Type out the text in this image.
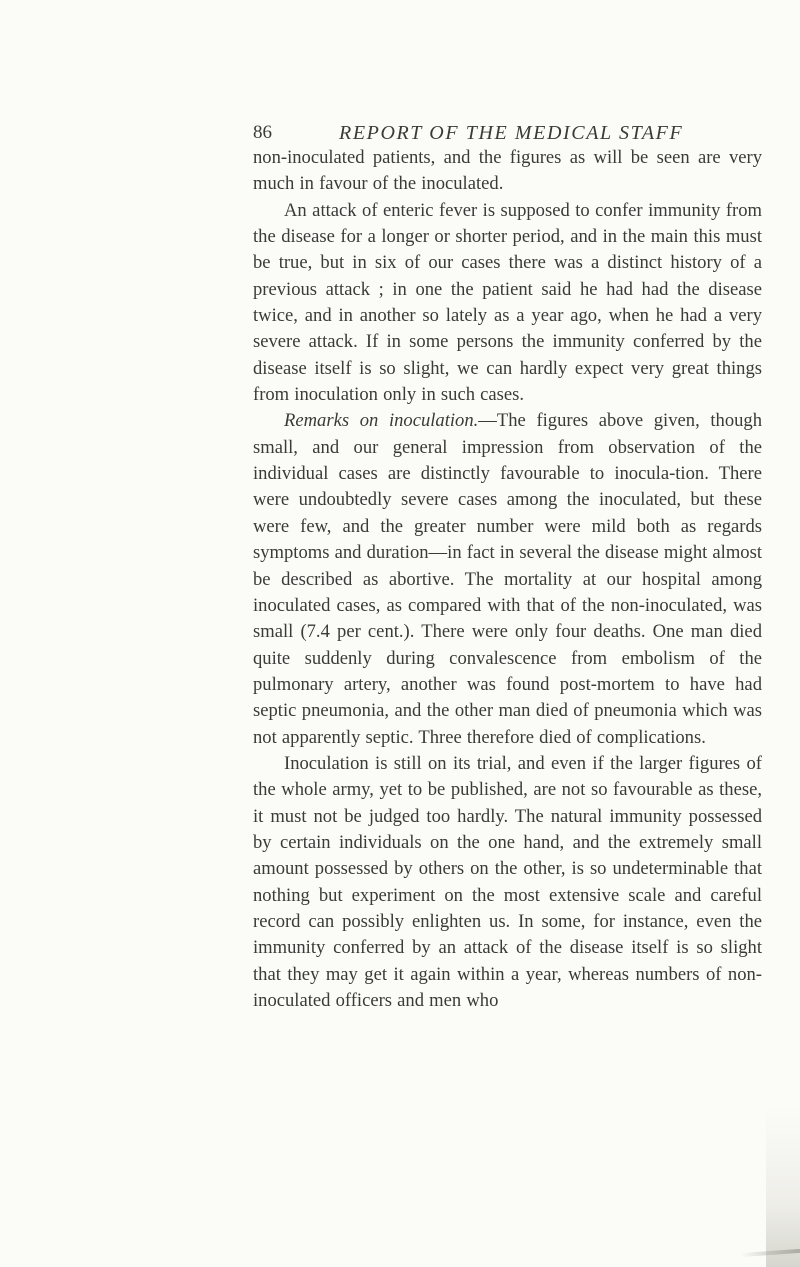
86	REPORT OF THE MEDICAL STAFF

non-inoculated patients, and the figures as will be seen are very much in favour of the inoculated.

An attack of enteric fever is supposed to confer immunity from the disease for a longer or shorter period, and in the main this must be true, but in six of our cases there was a distinct history of a previous attack ; in one the patient said he had had the disease twice, and in another so lately as a year ago, when he had a very severe attack. If in some persons the immunity conferred by the disease itself is so slight, we can hardly expect very great things from inoculation only in such cases.

Remarks on inoculation.—The figures above given, though small, and our general impression from observation of the individual cases are distinctly favourable to inocula-tion. There were undoubtedly severe cases among the inoculated, but these were few, and the greater number were mild both as regards symptoms and duration—in fact in several the disease might almost be described as abortive. The mortality at our hospital among inoculated cases, as compared with that of the non-inoculated, was small (7.4 per cent.). There were only four deaths. One man died quite suddenly during convalescence from embolism of the pulmonary artery, another was found post-mortem to have had septic pneumonia, and the other man died of pneumonia which was not apparently septic. Three therefore died of complications.

Inoculation is still on its trial, and even if the larger figures of the whole army, yet to be published, are not so favourable as these, it must not be judged too hardly. The natural immunity possessed by certain individuals on the one hand, and the extremely small amount possessed by others on the other, is so undeterminable that nothing but experiment on the most extensive scale and careful record can possibly enlighten us. In some, for instance, even the immunity conferred by an attack of the disease itself is so slight that they may get it again within a year, whereas numbers of non-inoculated officers and men who
